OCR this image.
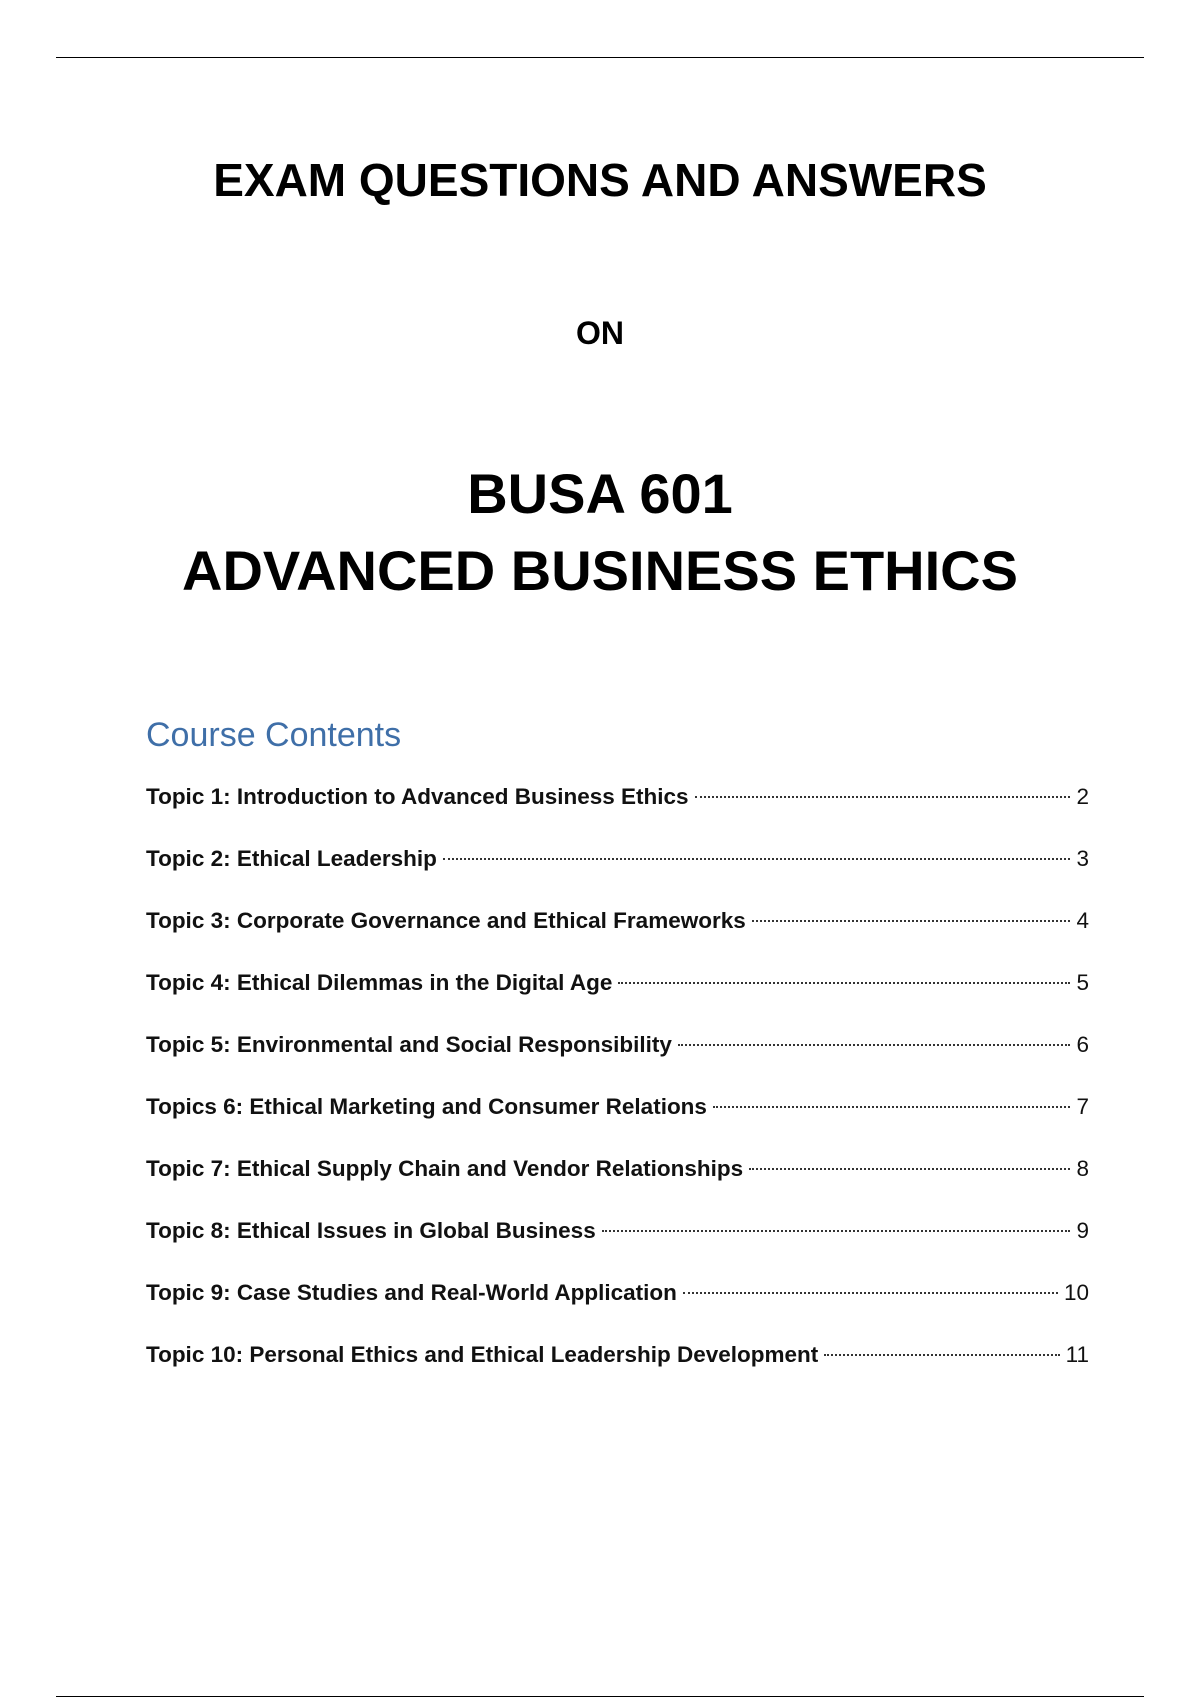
EXAM QUESTIONS AND ANSWERS
ON
BUSA 601
ADVANCED BUSINESS ETHICS
Course Contents
Topic 1: Introduction to Advanced Business Ethics	2
Topic 2: Ethical Leadership	3
Topic 3: Corporate Governance and Ethical Frameworks	4
Topic 4: Ethical Dilemmas in the Digital Age	5
Topic 5: Environmental and Social Responsibility	6
Topics 6: Ethical Marketing and Consumer Relations	7
Topic 7: Ethical Supply Chain and Vendor Relationships	8
Topic 8: Ethical Issues in Global Business	9
Topic 9: Case Studies and Real-World Application	10
Topic 10: Personal Ethics and Ethical Leadership Development	11
